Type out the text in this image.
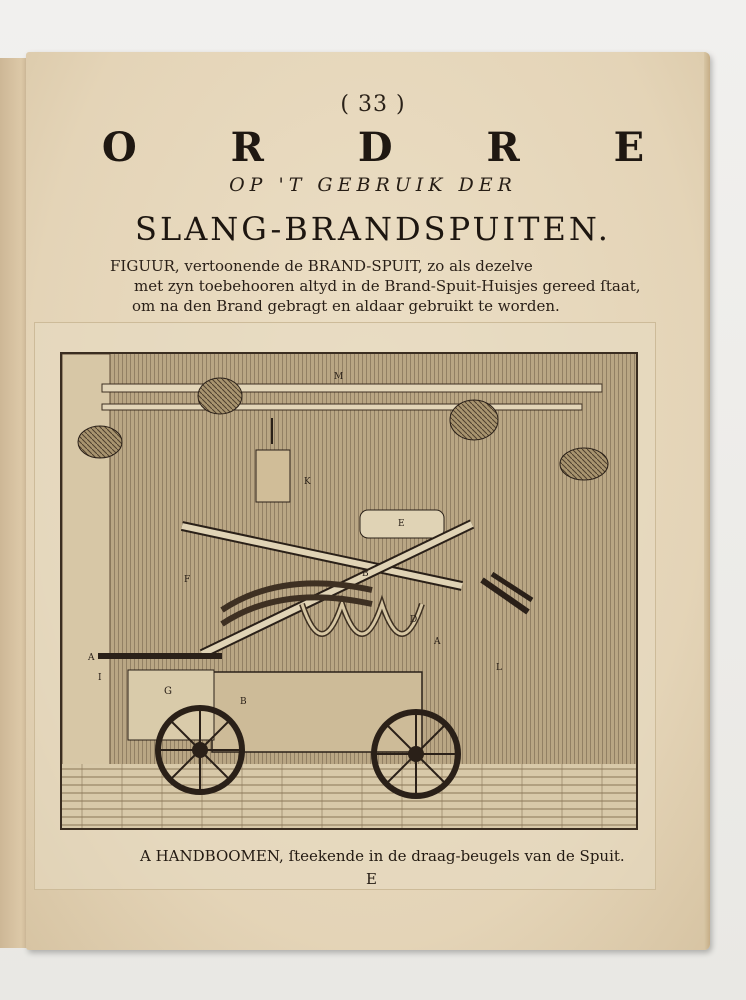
( 33 )
O R D R E
OP 'T GEBRUIK DER
SLANG-BRANDSPUITEN.
FIGUUR, vertoonende de BRAND-SPUIT, zo als dezelve
met zyn toebehooren altyd in de Brand-Spuit-Huisjes gereed ſtaat,
om na den Brand gebragt en aldaar gebruikt te worden.
M
K
G
E
A
F
B
D
A
I
B
L
A HANDBOOMEN, ſteekende in de draag-beugels van de Spuit.
E
